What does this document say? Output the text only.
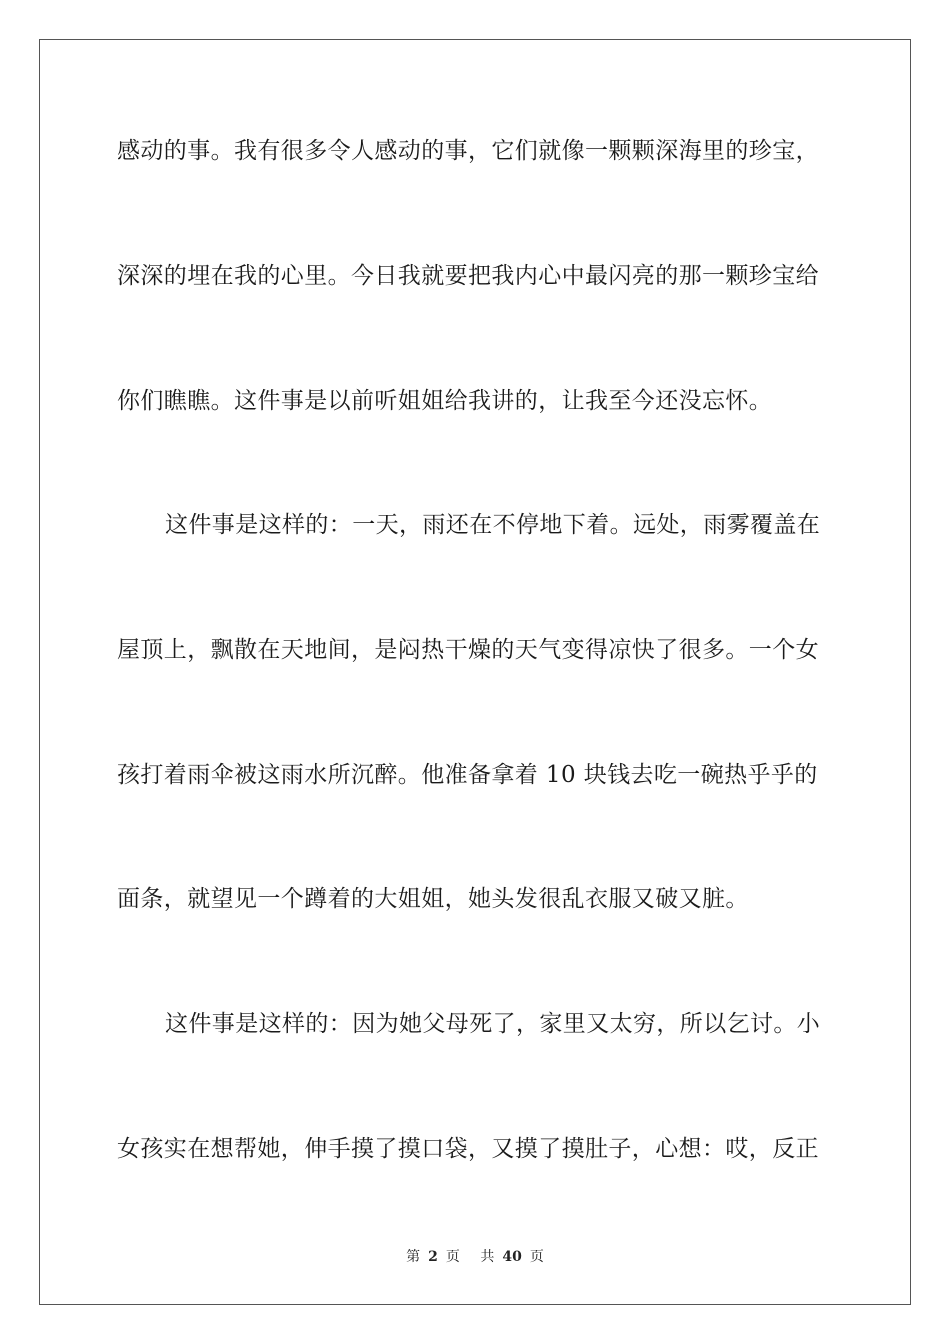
感动的事。我有很多令人感动的事，它们就像一颗颗深海里的珍宝，
深深的埋在我的心里。今日我就要把我内心中最闪亮的那一颗珍宝给
你们瞧瞧。这件事是以前听姐姐给我讲的，让我至今还没忘怀。
这件事是这样的：一天，雨还在不停地下着。远处，雨雾覆盖在
屋顶上，飘散在天地间，是闷热干燥的天气变得凉快了很多。一个女
孩打着雨伞被这雨水所沉醉。他准备拿着 10 块钱去吃一碗热乎乎的
面条，就望见一个蹲着的大姐姐，她头发很乱衣服又破又脏。
这件事是这样的：因为她父母死了，家里又太穷，所以乞讨。小
女孩实在想帮她，伸手摸了摸口袋，又摸了摸肚子，心想：哎，反正
第 2 页 共 40 页
